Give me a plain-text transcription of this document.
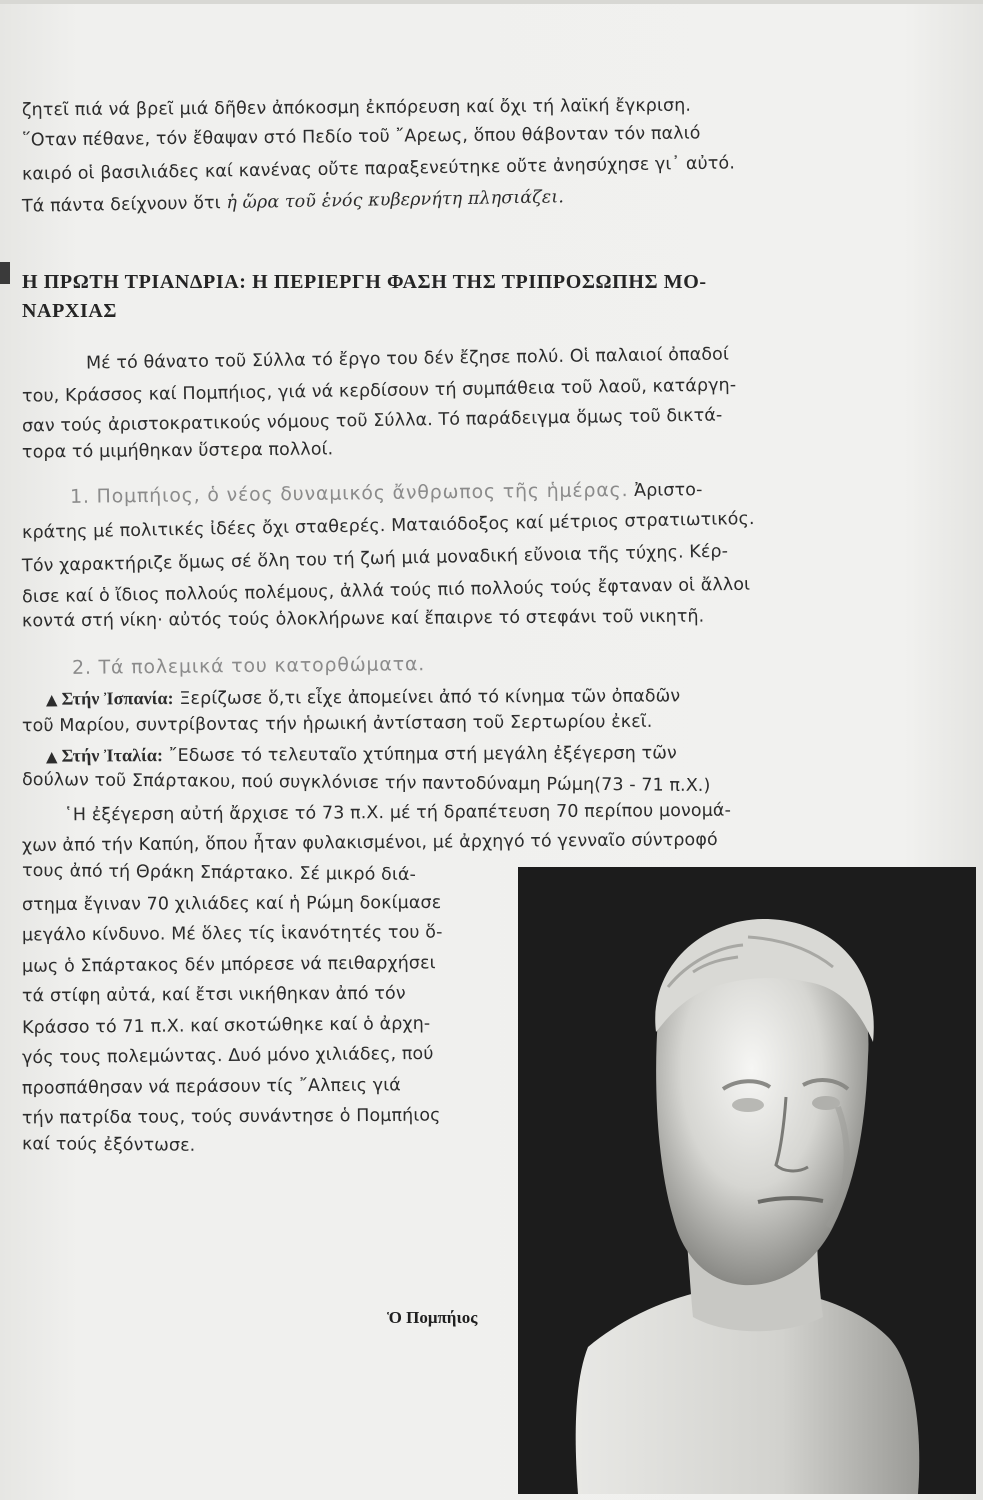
ζητεῖ πιά νά βρεῖ μιά δῆθεν ἀπόκοσμη ἐκπόρευση καί ὄχι τή λαϊκή ἔγκριση.
῞Οταν πέθανε, τόν ἔθαψαν στό Πεδίο τοῦ ῎Αρεως, ὅπου θάβονταν τόν παλιό
καιρό οἱ βασιλιάδες καί κανένας οὔτε παραξενεύτηκε οὔτε ἀνησύχησε γι᾿ αὐτό.
Τά πάντα δείχνουν ὅτι ἡ ὥρα τοῦ ἑνός κυβερνήτη πλησιάζει.
Η ΠΡΩΤΗ ΤΡΙΑΝΔΡΙΑ: Η ΠΕΡΙΕΡΓΗ ΦΑΣΗ ΤΗΣ ΤΡΙΠΡΟΣΩΠΗΣ ΜΟ-
ΝΑΡΧΙΑΣ
Μέ τό θάνατο τοῦ Σύλλα τό ἔργο του δέν ἔζησε πολύ. Οἱ παλαιοί ὀπαδοί
του, Κράσσος καί Πομπήιος, γιά νά κερδίσουν τή συμπάθεια τοῦ λαοῦ, κατάργη-
σαν τούς ἀριστοκρατικούς νόμους τοῦ Σύλλα. Τό παράδειγμα ὅμως τοῦ δικτά-
τορα τό μιμήθηκαν ὕστερα πολλοί.
1. Πομπήιος, ὁ νέος δυναμικός ἄνθρωπος τῆς ἡμέρας. Ἀριστο-
κράτης μέ πολιτικές ἰδέες ὄχι σταθερές. Ματαιόδοξος καί μέτριος στρατιωτικός.
Τόν χαρακτήριζε ὅμως σέ ὅλη του τή ζωή μιά μοναδική εὔνοια τῆς τύχης. Κέρ-
δισε καί ὁ ἴδιος πολλούς πολέμους, ἀλλά τούς πιό πολλούς τούς ἔφταναν οἱ ἄλλοι
κοντά στή νίκη· αὐτός τούς ὁλοκλήρωνε καί ἔπαιρνε τό στεφάνι τοῦ νικητῆ.
2. Τά πολεμικά του κατορθώματα.
▲ Στήν Ἰσπανία: Ξερίζωσε ὅ,τι εἶχε ἀπομείνει ἀπό τό κίνημα τῶν ὀπαδῶν
τοῦ Μαρίου, συντρίβοντας τήν ἡρωική ἀντίσταση τοῦ Σερτωρίου ἐκεῖ.
▲ Στήν Ἰταλία: ῎Εδωσε τό τελευταῖο χτύπημα στή μεγάλη ἐξέγερση τῶν
δούλων τοῦ Σπάρτακου, πού συγκλόνισε τήν παντοδύναμη Ρώμη(73 - 71 π.Χ.)
῾Η ἐξέγερση αὐτή ἄρχισε τό 73 π.Χ. μέ τή δραπέτευση 70 περίπου μονομά-
χων ἀπό τήν Καπύη, ὅπου ἦταν φυλακισμένοι, μέ ἀρχηγό τό γενναῖο σύντροφό
τους ἀπό τή Θράκη Σπάρτακο. Σέ μικρό διά-
στημα ἔγιναν 70 χιλιάδες καί ἡ Ρώμη δοκίμασε
μεγάλο κίνδυνο. Μέ ὅλες τίς ἱκανότητές του ὅ-
μως ὁ Σπάρτακος δέν μπόρεσε νά πειθαρχήσει
τά στίφη αὐτά, καί ἔτσι νικήθηκαν ἀπό τόν
Κράσσο τό 71 π.Χ. καί σκοτώθηκε καί ὁ ἀρχη-
γός τους πολεμώντας. Δυό μόνο χιλιάδες, πού
προσπάθησαν νά περάσουν τίς ῎Αλπεις γιά
τήν πατρίδα τους, τούς συνάντησε ὁ Πομπήιος
καί τούς ἐξόντωσε.
Ὁ Πομπήιος
